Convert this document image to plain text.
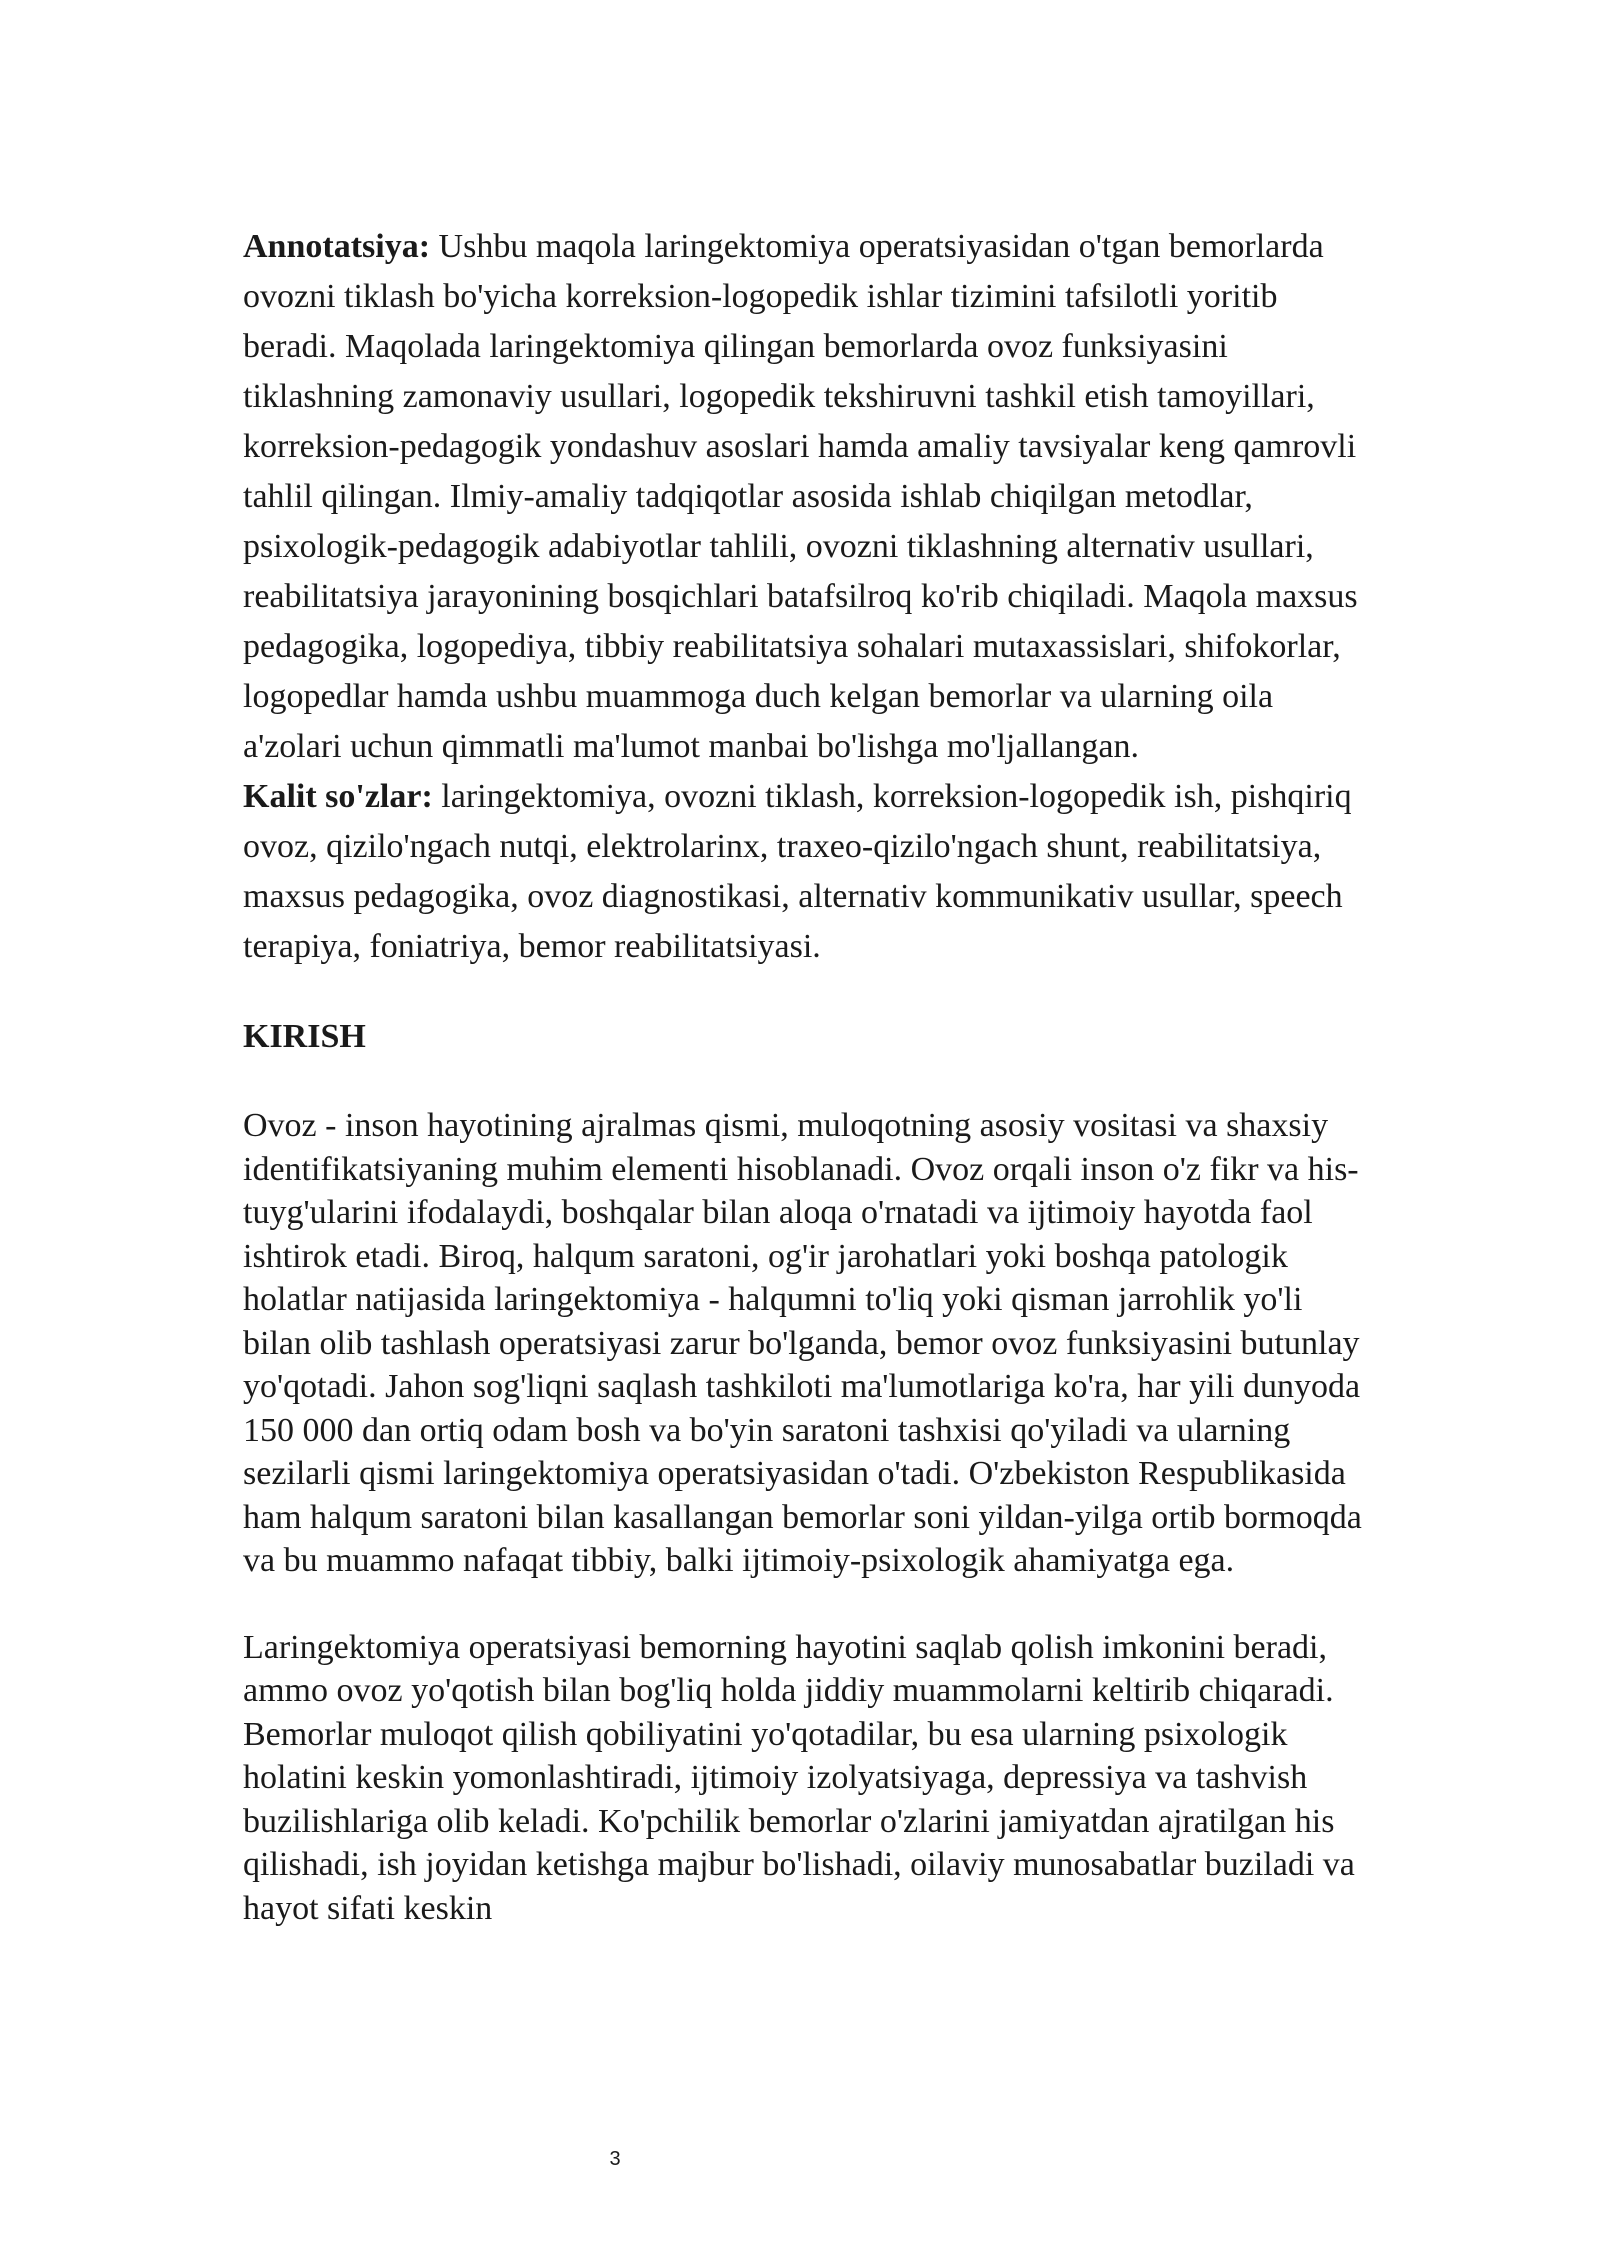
Annotatsiya: Ushbu maqola laringektomiya operatsiyasidan o'tgan bemorlarda ovozni tiklash bo'yicha korreksion-logopedik ishlar tizimini tafsilotli yoritib beradi. Maqolada laringektomiya qilingan bemorlarda ovoz funksiyasini tiklashning zamonaviy usullari, logopedik tekshiruvni tashkil etish tamoyillari, korreksion-pedagogik yondashuv asoslari hamda amaliy tavsiyalar keng qamrovli tahlil qilingan. Ilmiy-amaliy tadqiqotlar asosida ishlab chiqilgan metodlar, psixologik-pedagogik adabiyotlar tahlili, ovozni tiklashning alternativ usullari, reabilitatsiya jarayonining bosqichlari batafsilroq ko'rib chiqiladi. Maqola maxsus pedagogika, logopediya, tibbiy reabilitatsiya sohalari mutaxassislari, shifokorlar, logopedlar hamda ushbu muammoga duch kelgan bemorlar va ularning oila a'zolari uchun qimmatli ma'lumot manbai bo'lishga mo'ljallangan.
Kalit so'zlar: laringektomiya, ovozni tiklash, korreksion-logopedik ish, pishqiriq ovoz, qizilo'ngach nutqi, elektrolarinx, traxeo-qizilo'ngach shunt, reabilitatsiya, maxsus pedagogika, ovoz diagnostikasi, alternativ kommunikativ usullar, speech terapiya, foniatriya, bemor reabilitatsiyasi.

KIRISH

Ovoz - inson hayotining ajralmas qismi, muloqotning asosiy vositasi va shaxsiy identifikatsiyaning muhim elementi hisoblanadi. Ovoz orqali inson o'z fikr va his-tuyg'ularini ifodalaydi, boshqalar bilan aloqa o'rnatadi va ijtimoiy hayotda faol ishtirok etadi. Biroq, halqum saratoni, og'ir jarohatlari yoki boshqa patologik holatlar natijasida laringektomiya - halqumni to'liq yoki qisman jarrohlik yo'li bilan olib tashlash operatsiyasi zarur bo'lganda, bemor ovoz funksiyasini butunlay yo'qotadi. Jahon sog'liqni saqlash tashkiloti ma'lumotlariga ko'ra, har yili dunyoda 150 000 dan ortiq odam bosh va bo'yin saratoni tashxisi qo'yiladi va ularning sezilarli qismi laringektomiya operatsiyasidan o'tadi. O'zbekiston Respublikasida ham halqum saratoni bilan kasallangan bemorlar soni yildan-yilga ortib bormoqda va bu muammo nafaqat tibbiy, balki ijtimoiy-psixologik ahamiyatga ega.

Laringektomiya operatsiyasi bemorning hayotini saqlab qolish imkonini beradi, ammo ovoz yo'qotish bilan bog'liq holda jiddiy muammolarni keltirib chiqaradi. Bemorlar muloqot qilish qobiliyatini yo'qotadilar, bu esa ularning psixologik holatini keskin yomonlashtiradi, ijtimoiy izolyatsiyaga, depressiya va tashvish buzilishlariga olib keladi. Ko'pchilik bemorlar o'zlarini jamiyatdan ajratilgan his qilishadi, ish joyidan ketishga majbur bo'lishadi, oilaviy munosabatlar buziladi va hayot sifati keskin

3
